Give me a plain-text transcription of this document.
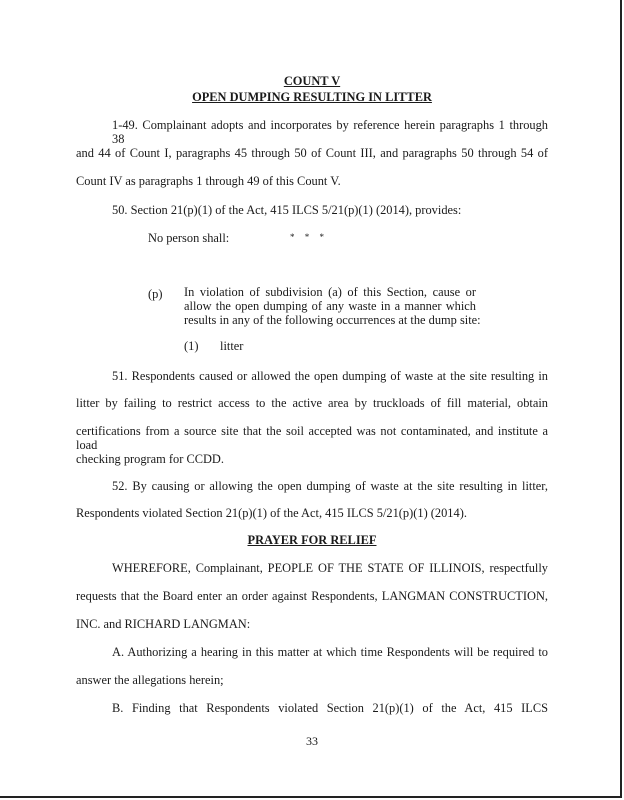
COUNT V
OPEN DUMPING RESULTING IN LITTER
1-49. Complainant adopts and incorporates by reference herein paragraphs 1 through 38
and 44 of Count I, paragraphs 45 through 50 of Count III, and paragraphs 50 through 54 of
Count IV as paragraphs 1 through 49 of this Count V.
50. Section 21(p)(1) of the Act, 415 ILCS 5/21(p)(1) (2014), provides:
No person shall:	* * *
(p) In violation of subdivision (a) of this Section, cause or
allow the open dumping of any waste in a manner which
results in any of the following occurrences at the dump site:
(1) litter
51. Respondents caused or allowed the open dumping of waste at the site resulting in
litter by failing to restrict access to the active area by truckloads of fill material, obtain
certifications from a source site that the soil accepted was not contaminated, and institute a load
checking program for CCDD.
52. By causing or allowing the open dumping of waste at the site resulting in litter,
Respondents violated Section 21(p)(1) of the Act, 415 ILCS 5/21(p)(1) (2014).
PRAYER FOR RELIEF
WHEREFORE, Complainant, PEOPLE OF THE STATE OF ILLINOIS, respectfully
requests that the Board enter an order against Respondents, LANGMAN CONSTRUCTION,
INC. and RICHARD LANGMAN:
A. Authorizing a hearing in this matter at which time Respondents will be required to
answer the allegations herein;
B. Finding that Respondents violated Section 21(p)(1) of the Act, 415 ILCS
33
